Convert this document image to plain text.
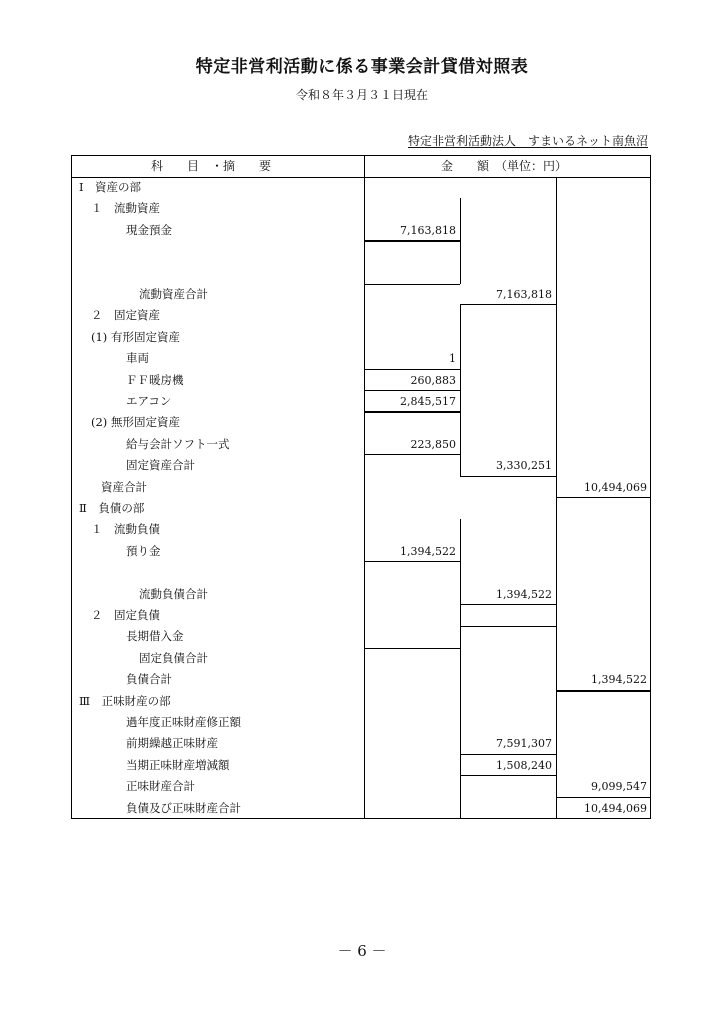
特定非営利活動に係る事業会計貸借対照表
令和８年３月３１日現在
特定非営利活動法人　すまいるネット南魚沼
科　　目　・摘　　要	金　　額　（単位：円）
Ⅰ　資産の部
１　流動資産
現金預金	7,163,818
流動資産合計	7,163,818
２　固定資産
(1) 有形固定資産
車両	1
ＦＦ暖房機	260,883
エアコン	2,845,517
(2) 無形固定資産
給与会計ソフト一式	223,850
固定資産合計	3,330,251
資産合計	10,494,069
Ⅱ　負債の部
１　流動負債
預り金	1,394,522
流動負債合計	1,394,522
２　固定負債
長期借入金
固定負債合計
負債合計	1,394,522
Ⅲ　正味財産の部
過年度正味財産修正額
前期繰越正味財産	7,591,307
当期正味財産増減額	1,508,240
正味財産合計	9,099,547
負債及び正味財産合計	10,494,069
－ 6 －
